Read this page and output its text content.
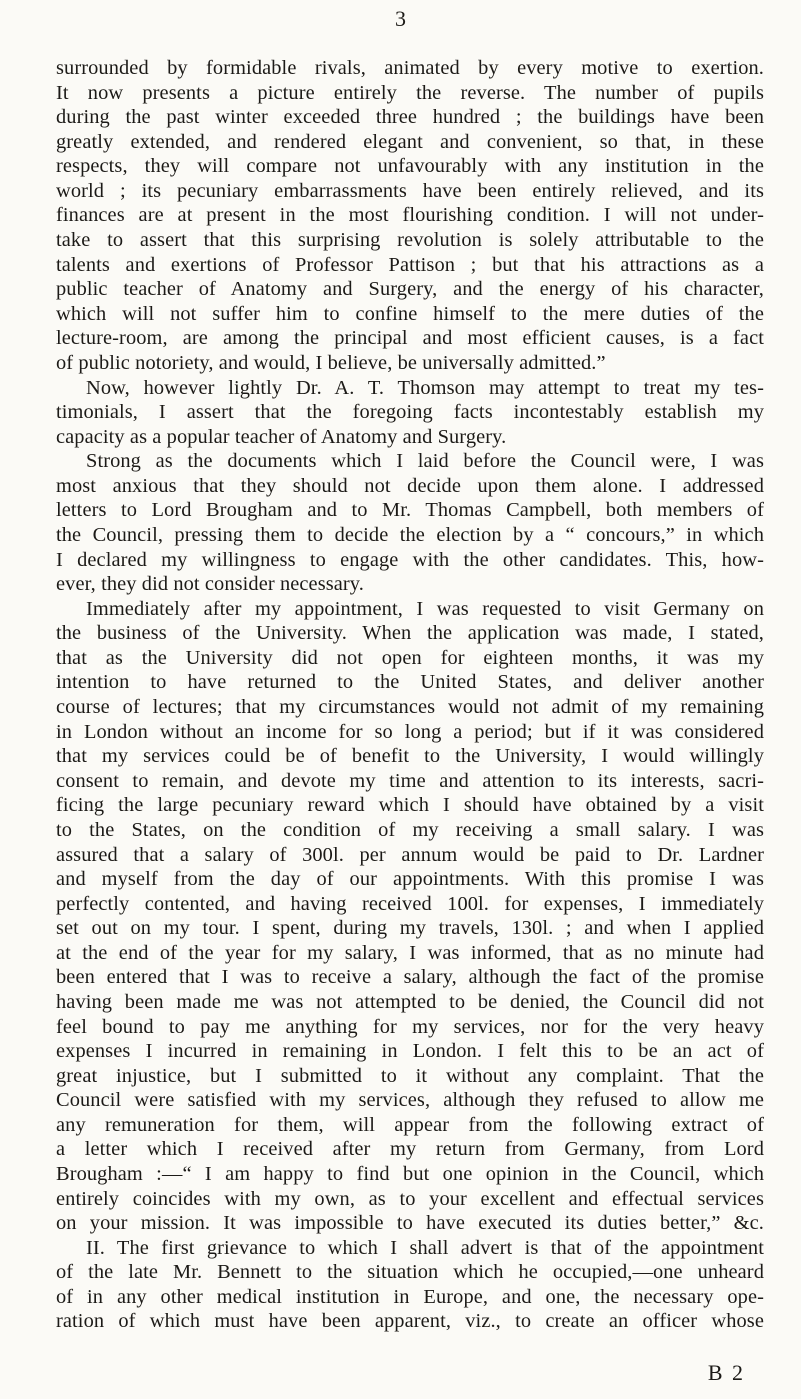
3
surrounded by formidable rivals, animated by every motive to exertion.
It now presents a picture entirely the reverse. The number of pupils
during the past winter exceeded three hundred ; the buildings have been
greatly extended, and rendered elegant and convenient, so that, in these
respects, they will compare not unfavourably with any institution in the
world ; its pecuniary embarrassments have been entirely relieved, and its
finances are at present in the most flourishing condition. I will not under-
take to assert that this surprising revolution is solely attributable to the
talents and exertions of Professor Pattison ; but that his attractions as a
public teacher of Anatomy and Surgery, and the energy of his character,
which will not suffer him to confine himself to the mere duties of the
lecture-room, are among the principal and most efficient causes, is a fact
of public notoriety, and would, I believe, be universally admitted.”
Now, however lightly Dr. A. T. Thomson may attempt to treat my tes-
timonials, I assert that the foregoing facts incontestably establish my
capacity as a popular teacher of Anatomy and Surgery.
Strong as the documents which I laid before the Council were, I was
most anxious that they should not decide upon them alone. I addressed
letters to Lord Brougham and to Mr. Thomas Campbell, both members of
the Council, pressing them to decide the election by a “ concours,” in which
I declared my willingness to engage with the other candidates. This, how-
ever, they did not consider necessary.
Immediately after my appointment, I was requested to visit Germany on
the business of the University. When the application was made, I stated,
that as the University did not open for eighteen months, it was my
intention to have returned to the United States, and deliver another
course of lectures; that my circumstances would not admit of my remaining
in London without an income for so long a period; but if it was considered
that my services could be of benefit to the University, I would willingly
consent to remain, and devote my time and attention to its interests, sacri-
ficing the large pecuniary reward which I should have obtained by a visit
to the States, on the condition of my receiving a small salary. I was
assured that a salary of 300l. per annum would be paid to Dr. Lardner
and myself from the day of our appointments. With this promise I was
perfectly contented, and having received 100l. for expenses, I immediately
set out on my tour. I spent, during my travels, 130l. ; and when I applied
at the end of the year for my salary, I was informed, that as no minute had
been entered that I was to receive a salary, although the fact of the promise
having been made me was not attempted to be denied, the Council did not
feel bound to pay me anything for my services, nor for the very heavy
expenses I incurred in remaining in London. I felt this to be an act of
great injustice, but I submitted to it without any complaint. That the
Council were satisfied with my services, although they refused to allow me
any remuneration for them, will appear from the following extract of
a letter which I received after my return from Germany, from Lord
Brougham :—“ I am happy to find but one opinion in the Council, which
entirely coincides with my own, as to your excellent and effectual services
on your mission. It was impossible to have executed its duties better,” &c.
II. The first grievance to which I shall advert is that of the appointment
of the late Mr. Bennett to the situation which he occupied,—one unheard
of in any other medical institution in Europe, and one, the necessary ope-
ration of which must have been apparent, viz., to create an officer whose
B 2
